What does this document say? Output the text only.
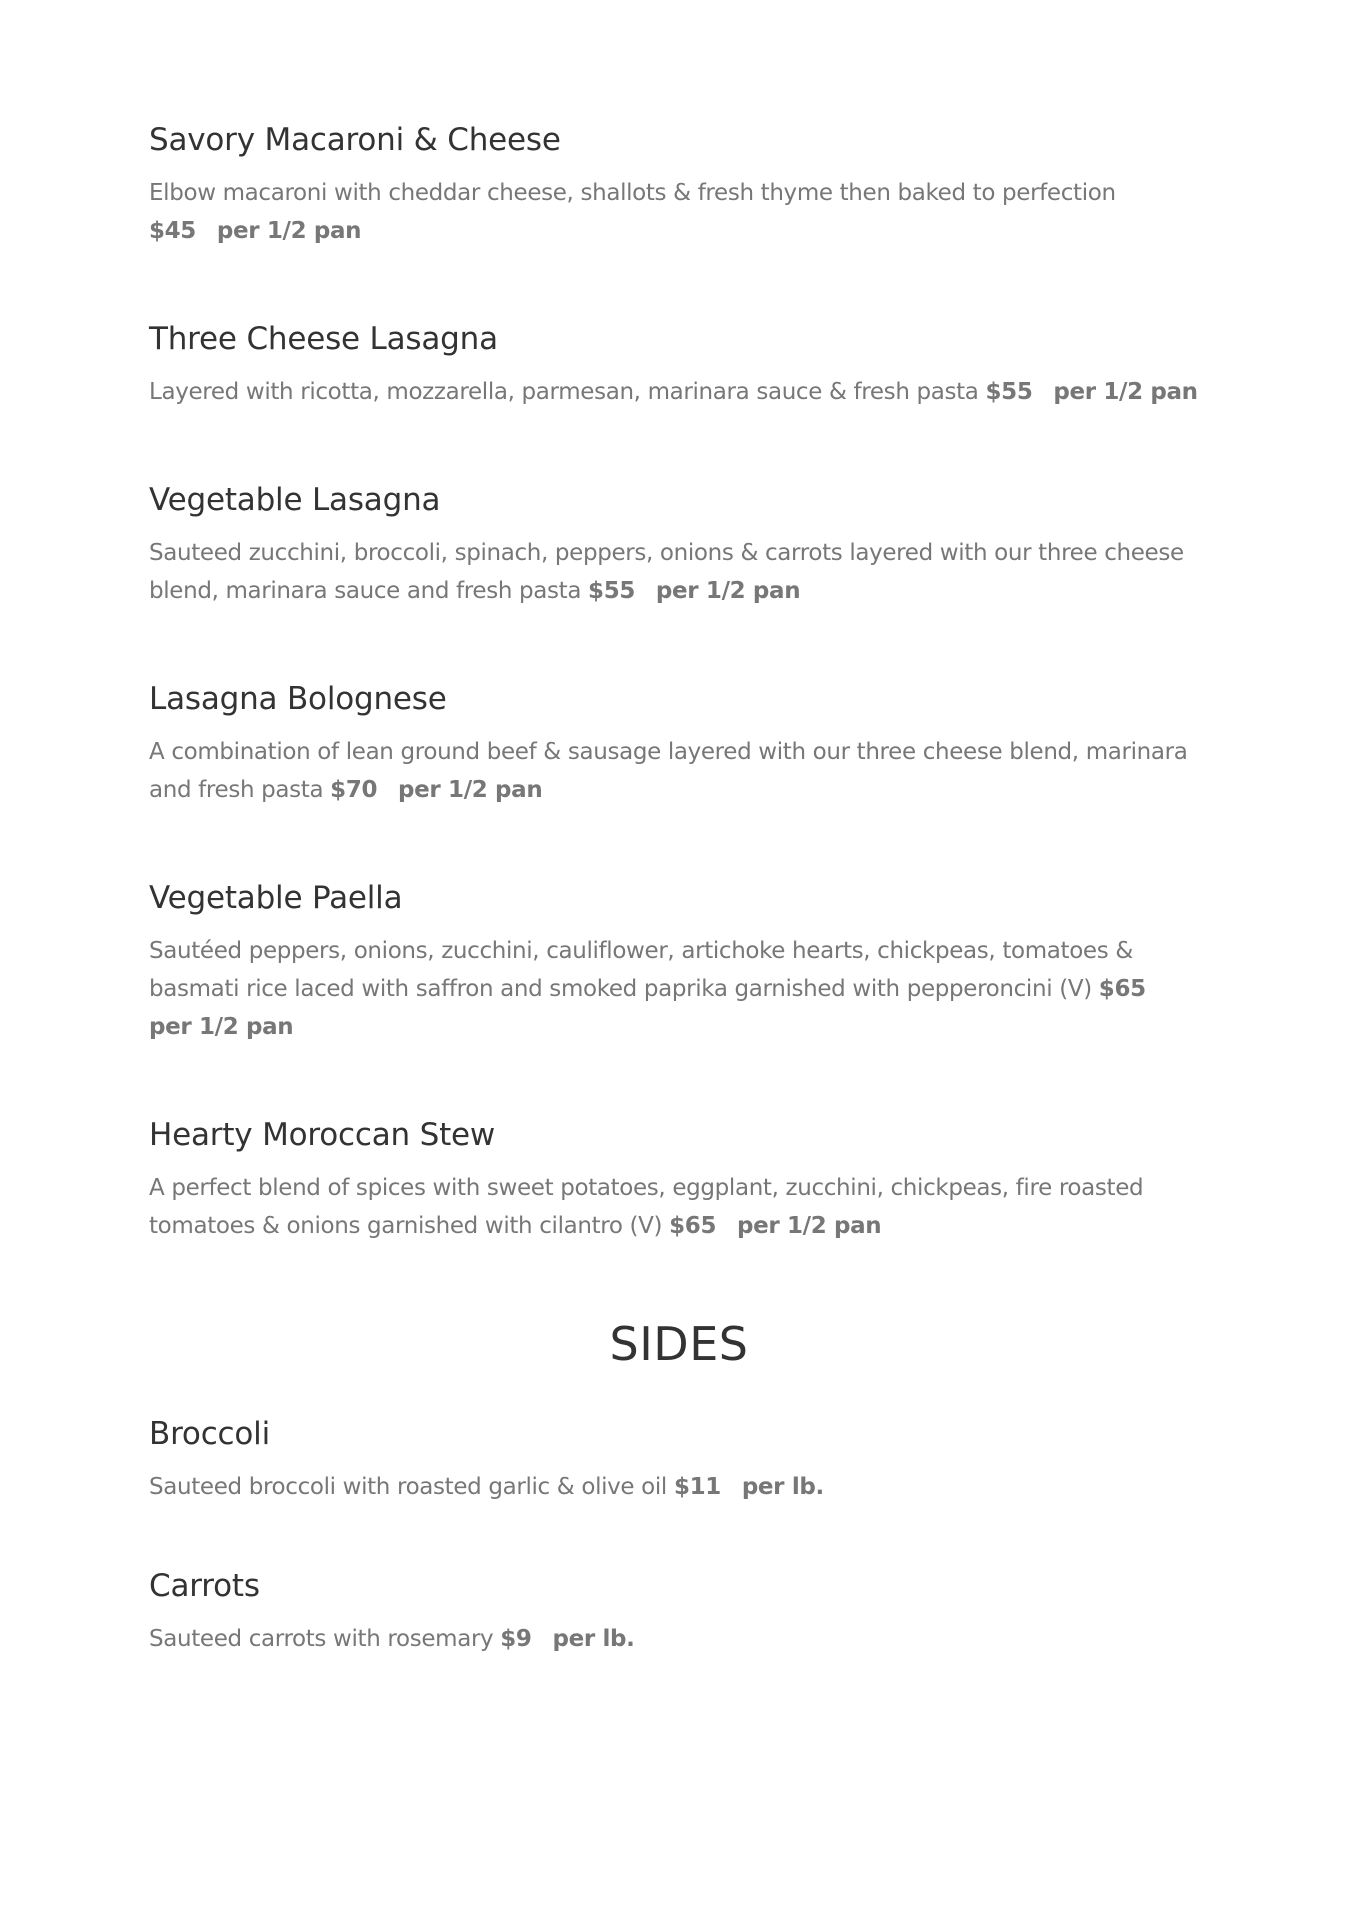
Savory Macaroni & Cheese

Elbow macaroni with cheddar cheese, shallots & fresh thyme then baked to perfection
$45 per 1/2 pan

Three Cheese Lasagna

Layered with ricotta, mozzarella, parmesan, marinara sauce & fresh pasta $55 per 1/2 pan

Vegetable Lasagna

Sauteed zucchini, broccoli, spinach, peppers, onions & carrots layered with our three cheese blend, marinara sauce and fresh pasta $55 per 1/2 pan

Lasagna Bolognese

A combination of lean ground beef & sausage layered with our three cheese blend, marinara and fresh pasta $70 per 1/2 pan

Vegetable Paella

Sautéed peppers, onions, zucchini, cauliflower, artichoke hearts, chickpeas, tomatoes & basmati rice laced with saffron and smoked paprika garnished with pepperoncini (V) $65
per 1/2 pan

Hearty Moroccan Stew

A perfect blend of spices with sweet potatoes, eggplant, zucchini, chickpeas, fire roasted tomatoes & onions garnished with cilantro (V) $65 per 1/2 pan

SIDES
Broccoli

Sauteed broccoli with roasted garlic & olive oil $11 per lb.

Carrots

Sauteed carrots with rosemary $9 per lb.
